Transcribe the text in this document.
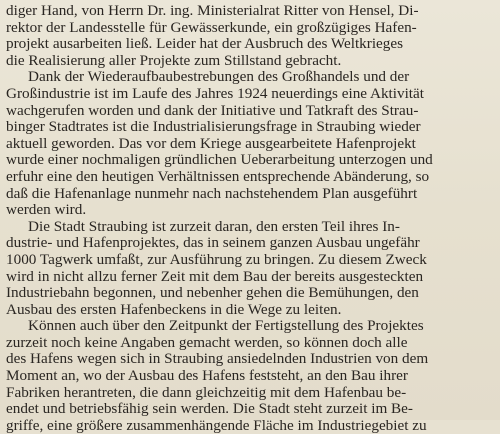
diger Hand, von Herrn Dr. ing. Ministerialrat Ritter von Hensel, Di-
rektor der Landesstelle für Gewässerkunde, ein großzügiges Hafen-
projekt ausarbeiten ließ. Leider hat der Ausbruch des Weltkrieges
die Realisierung aller Projekte zum Stillstand gebracht.

Dank der Wiederaufbaubestrebungen des Großhandels und der
Großindustrie ist im Laufe des Jahres 1924 neuerdings eine Aktivität
wachgerufen worden und dank der Initiative und Tatkraft des Strau-
binger Stadtrates ist die Industrialisierungsfrage in Straubing wieder
aktuell geworden. Das vor dem Kriege ausgearbeitete Hafenprojekt
wurde einer nochmaligen gründlichen Ueberarbeitung unterzogen und
erfuhr eine den heutigen Verhältnissen entsprechende Abänderung, so
daß die Hafenanlage nunmehr nach nachstehendem Plan ausgeführt
werden wird.

Die Stadt Straubing ist zurzeit daran, den ersten Teil ihres In-
dustrie- und Hafenprojektes, das in seinem ganzen Ausbau ungefähr
1000 Tagwerk umfaßt, zur Ausführung zu bringen. Zu diesem Zweck
wird in nicht allzu ferner Zeit mit dem Bau der bereits ausgesteckten
Industriebahn begonnen, und nebenher gehen die Bemühungen, den
Ausbau des ersten Hafenbeckens in die Wege zu leiten.

Können auch über den Zeitpunkt der Fertigstellung des Projektes
zurzeit noch keine Angaben gemacht werden, so können doch alle
des Hafens wegen sich in Straubing ansiedelnden Industrien von dem
Moment an, wo der Ausbau des Hafens feststeht, an den Bau ihrer
Fabriken herantreten, die dann gleichzeitig mit dem Hafenbau be-
endet und betriebsfähig sein werden. Die Stadt steht zurzeit im Be-
griffe, eine größere zusammenhängende Fläche im Industriegebiet zu
